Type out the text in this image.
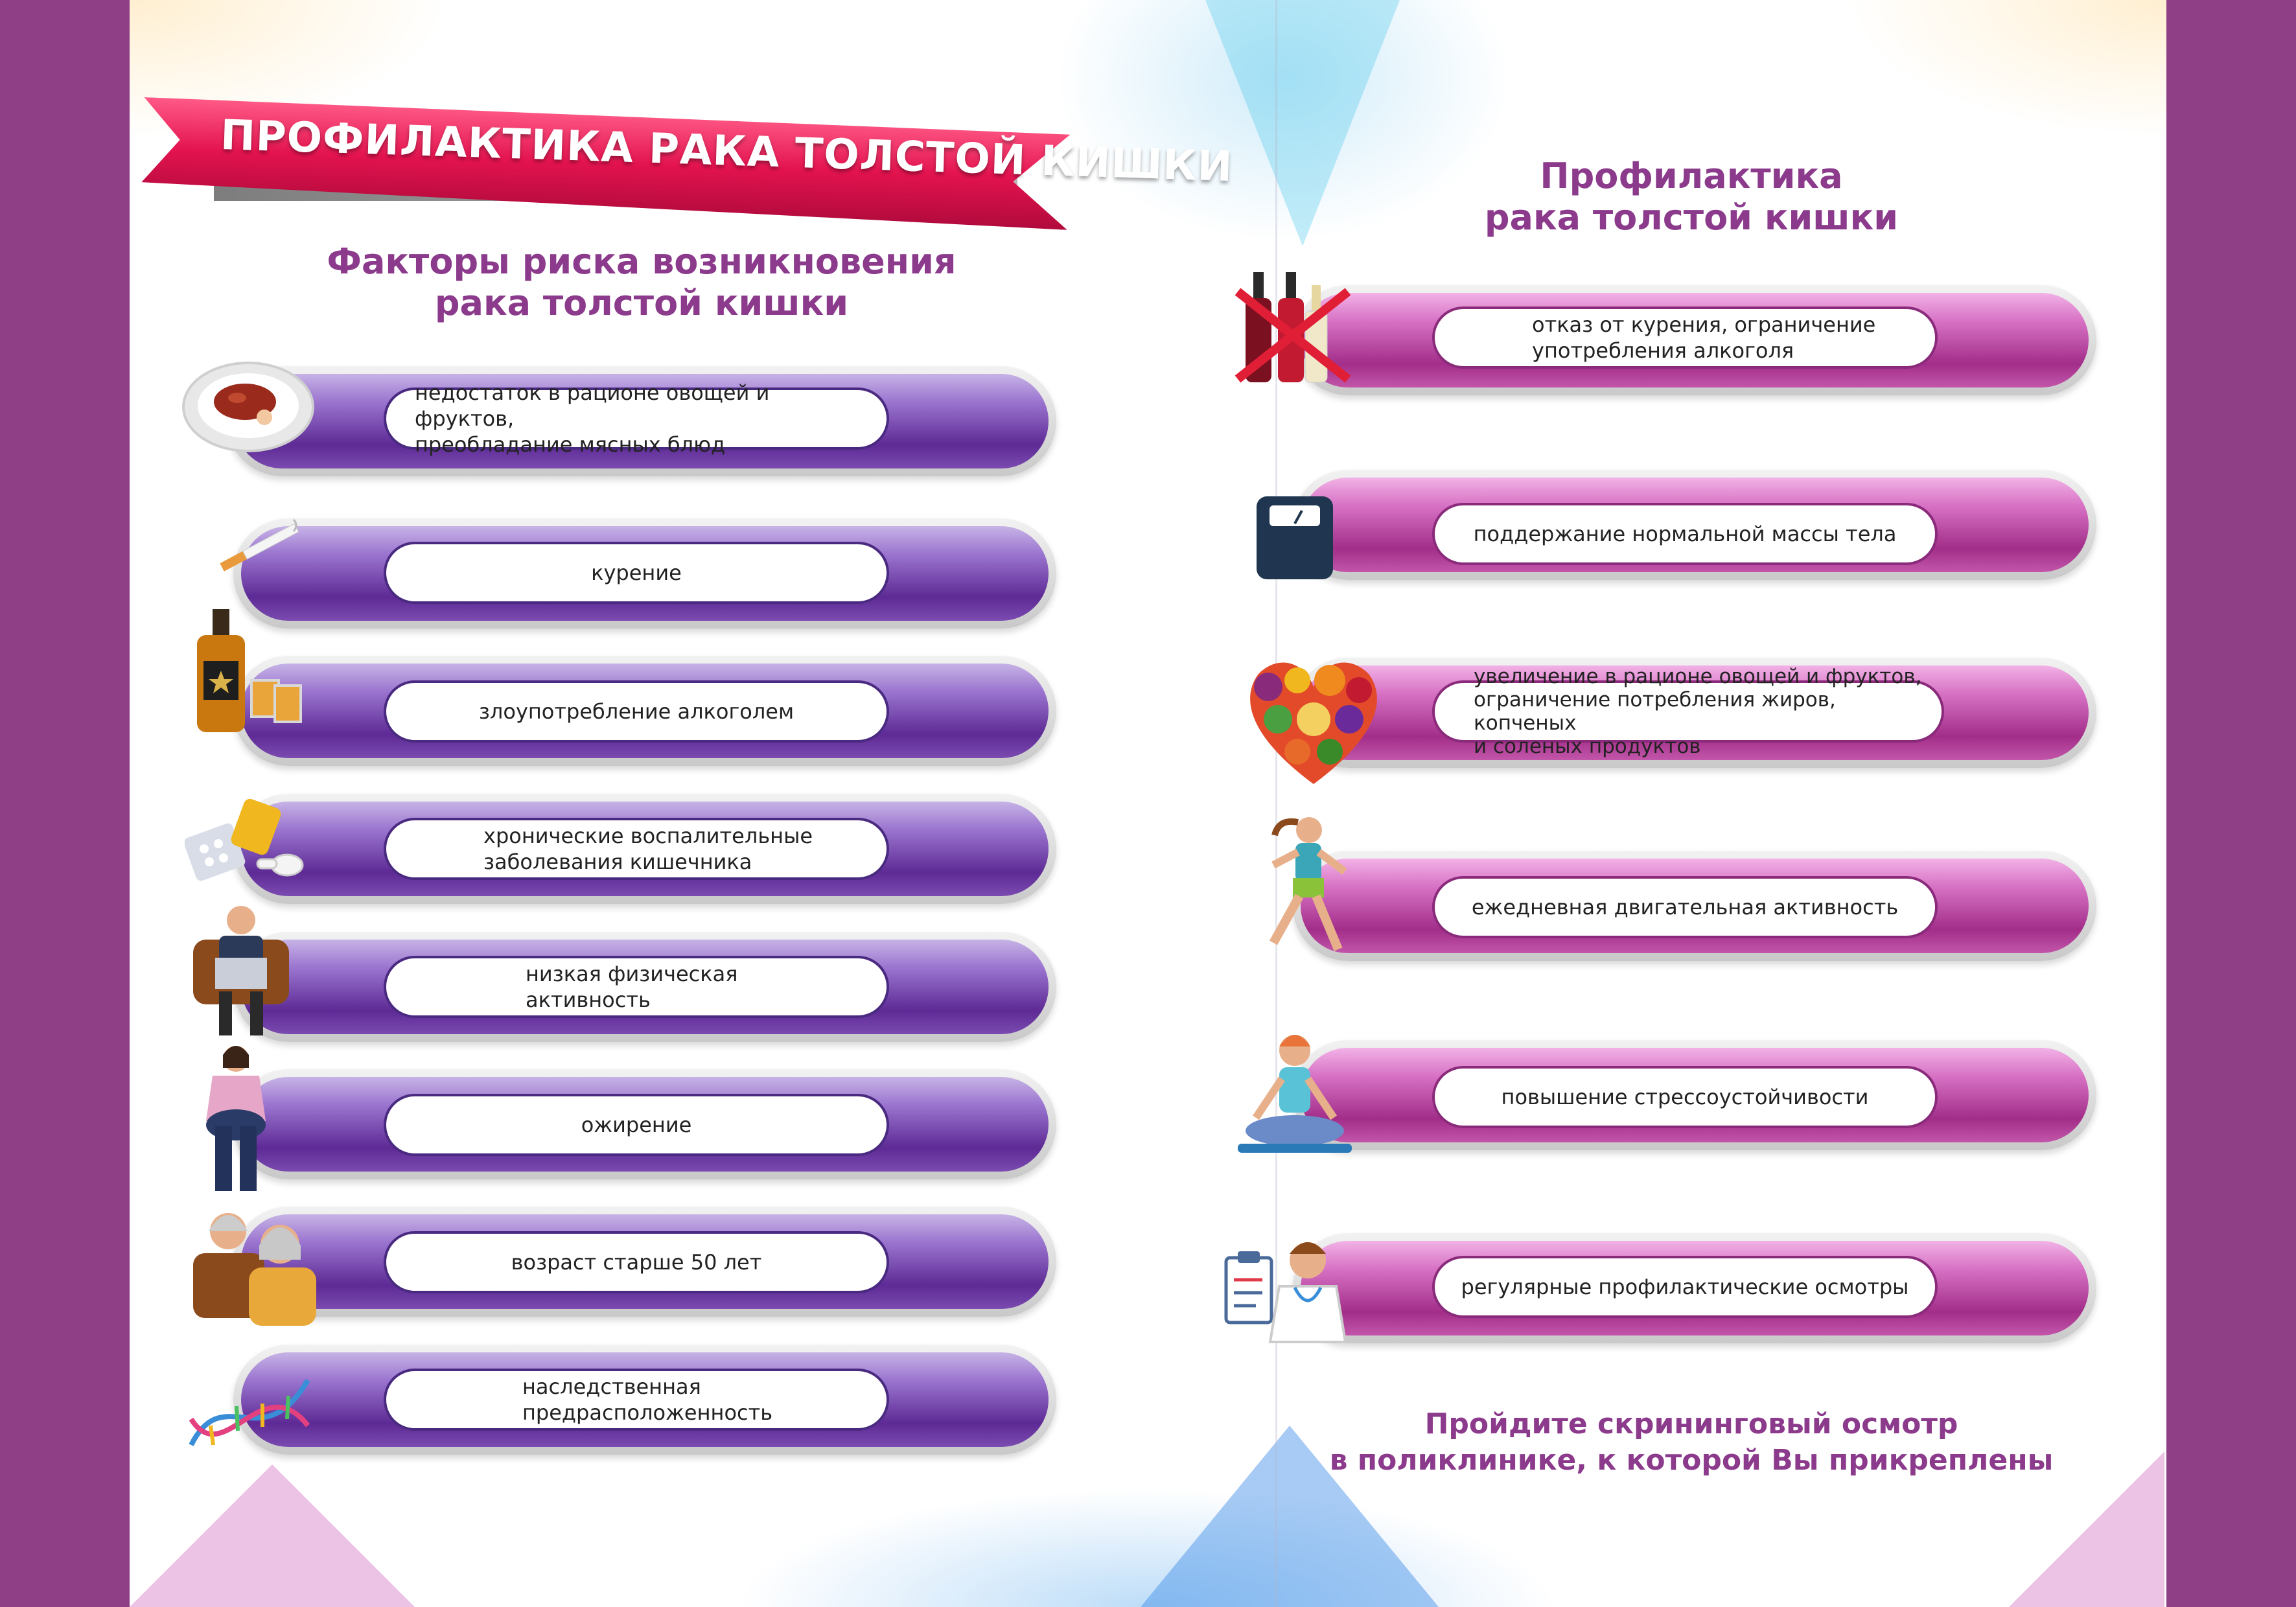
ПРОФИЛАКТИКА РАКА ТОЛСТОЙ КИШКИ
Факторы риска возникновения
рака толстой кишки
Профилактика
рака толстой кишки
недостаток в рационе овощей и фруктов,
преобладание мясных блюд
курение
злоупотребление алкоголем
хронические воспалительные
заболевания кишечника
низкая физическая
активность
ожирение
возраст старше 50 лет
наследственная
предрасположенность
отказ от курения, ограничение
употребления алкоголя
поддержание нормальной массы тела
увеличение в рационе овощей и фруктов,
ограничение потребления жиров, копченых
и соленых продуктов
ежедневная двигательная активность
повышение стрессоустойчивости
регулярные профилактические осмотры
Пройдите скрининговый осмотр
в поликлинике, к которой Вы прикреплены
